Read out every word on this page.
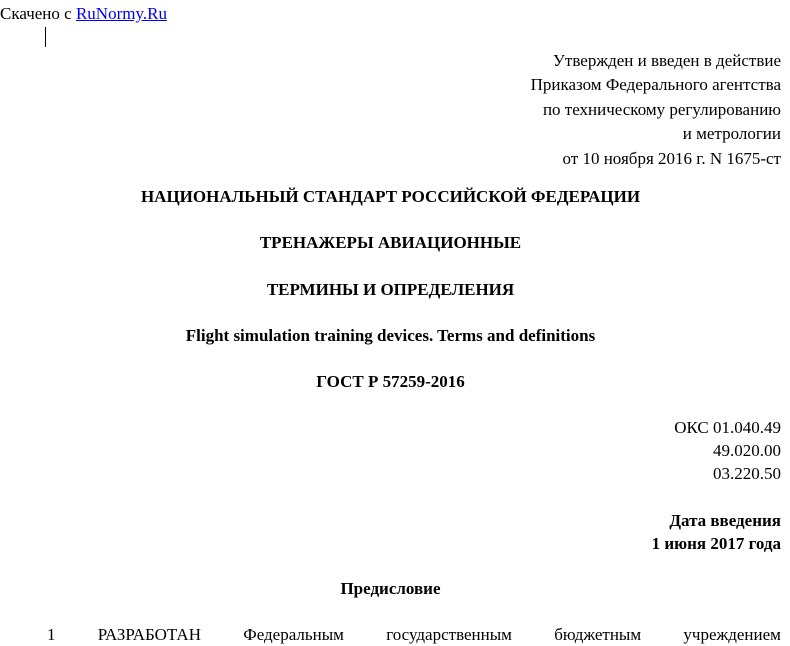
Скачено с RuNormy.Ru
Утвержден и введен в действие
Приказом Федерального агентства
по техническому регулированию
и метрологии
от 10 ноября 2016 г. N 1675-ст
НАЦИОНАЛЬНЫЙ СТАНДАРТ РОССИЙСКОЙ ФЕДЕРАЦИИ
ТРЕНАЖЕРЫ АВИАЦИОННЫЕ
ТЕРМИНЫ И ОПРЕДЕЛЕНИЯ
Flight simulation training devices. Terms and definitions
ГОСТ Р 57259-2016
ОКС 01.040.49
49.020.00
03.220.50
Дата введения
1 июня 2017 года
Предисловие
1 РАЗРАБОТАН Федеральным государственным бюджетным учреждением
